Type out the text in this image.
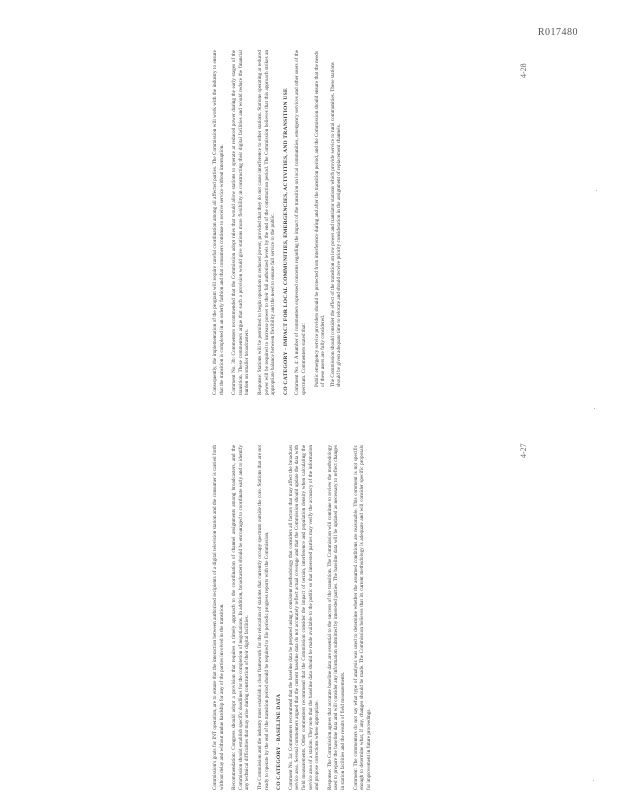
R017480
4-27
4-28

Commission's goals for INT operation, are to ensure that the interaction between authorized recipients of a digital television station and the consumer is carried forth without delay and without undue hardship for any of the parties involved in the transition. Recommendation: Congress should adopt a provision that requires a timely approach to the coordination of channel assignments among broadcasters, and the Commission should establish specific deadlines for the completion of negotiations. In addition, broadcasters should be encouraged to coordinate early and to identify any technical difficulties that may arise during construction of their digital facilities. The Commission and the industry must establish a clear framework for the relocation of stations that currently occupy spectrum outside the core. Stations that are not ready to operate by the end of the transition period should be required to file periodic progress reports with the Commission. CO CATEGORY - BASELINE DATA Comment No. 3a: Commenters recommend that the baseline data be prepared using a consistent methodology that considers all factors that may affect the broadcast service area. Several commenters argued that the current baseline data do not accurately reflect actual coverage and that the Commission should update the data with field measurements. Other commenters recommend that the Commission consider the impact of terrain, interference and population density when calculating the service area of a station. They note that the baseline data should be made available to the public so that interested parties may verify the accuracy of the information and propose corrections where appropriate. Response: The Commission agrees that accurate baseline data are essential to the success of the transition. The Commission will continue to review the methodology used to prepare the baseline data and will consider any information submitted by interested parties. The baseline data will be updated as necessary to reflect changes in station facilities and the results of field measurements. Comment: The commenters do not say what type of analysis was used to determine whether the assumed conditions are reasonable. This comment is not specific enough to determine what, if any, changes should be made. The Commission believes that its current methodology is adequate and will consider specific proposals for improvement in future proceedings.

Consequently, the implementation of the program will require careful coordination among all affected parties. The Commission will work with the industry to ensure that the transition is completed in an orderly fashion and that consumers continue to receive service without interruption. Comment No. 3b: Commenters recommended that the Commission adopt rules that would allow stations to operate at reduced power during the early stages of the transition. These commenters argue that such a provision would give stations more flexibility in constructing their digital facilities and would reduce the financial burden on smaller broadcasters. Response: Stations will be permitted to begin operation at reduced power, provided that they do not cause interference to other stations. Stations operating at reduced power will be required to increase power to their full authorized levels by the end of the construction period. The Commission believes that this approach strikes an appropriate balance between flexibility and the need to ensure full service to the public. CO CATEGORY - IMPACT FOR LOCAL COMMUNITIES, EMERGENCIES, ACTIVITIES, AND TRANSITION USE Comment No. 4: A number of commenters expressed concerns regarding the impact of the transition on local communities, emergency services and other users of the spectrum. Commenters stated that: • Public emergency service providers should be protected from interference during and after the transition period, and the Commission should ensure that the needs of these users are fully considered. • The Commission should consider the effect of the transition on low power and translator stations which provide service to rural communities. These stations should be given adequate time to relocate and should receive priority consideration in the assignment of replacement channels.
